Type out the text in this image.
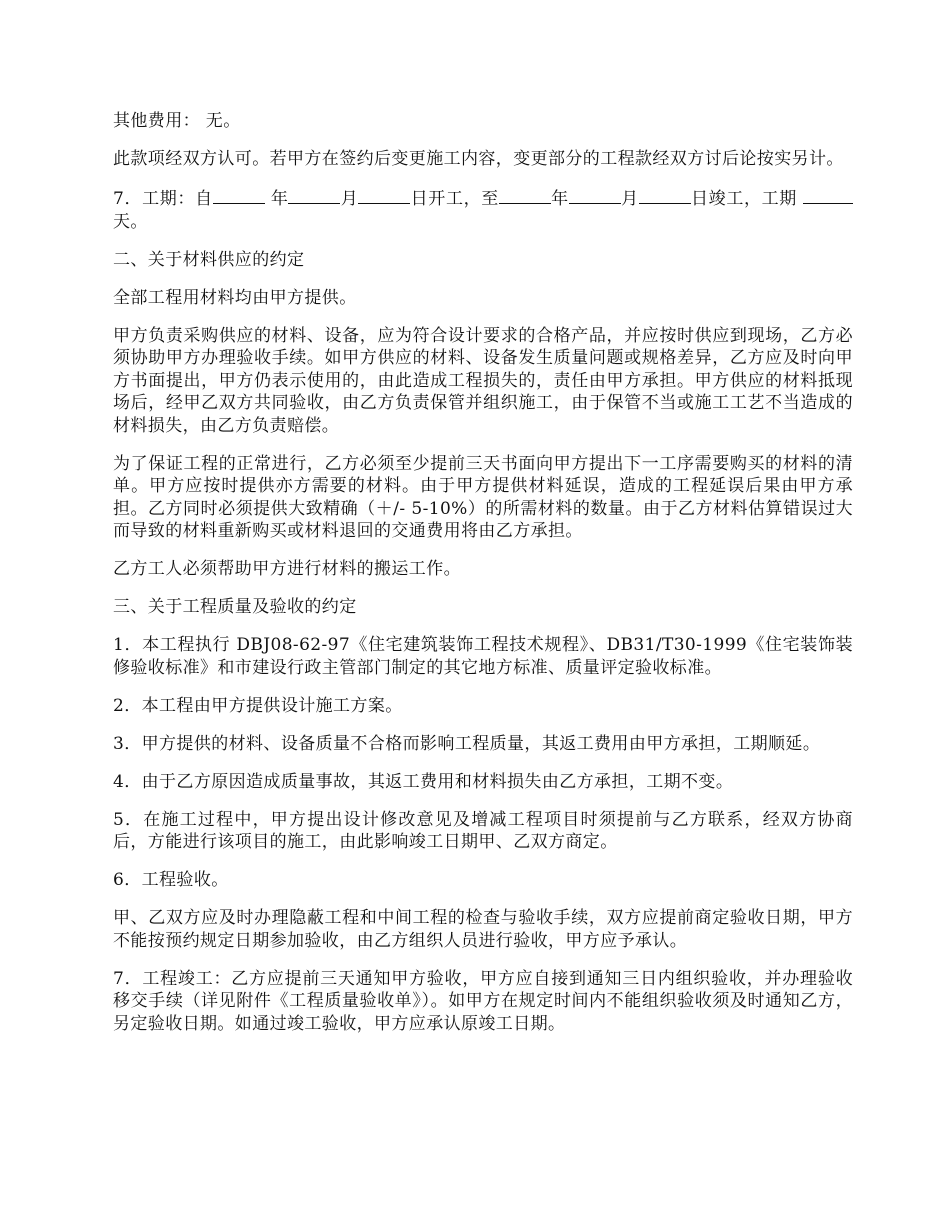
其他费用： 无。

此款项经双方认可。若甲方在签约后变更施工内容，变更部分的工程款经双方讨后论按实另计。

7．工期：自	年	月	日开工，至	年	月	日竣工，工期 天。

二、关于材料供应的约定

全部工程用材料均由甲方提供。

甲方负责采购供应的材料、设备，应为符合设计要求的合格产品，并应按时供应到现场，乙方必须协助甲方办理验收手续。如甲方供应的材料、设备发生质量问题或规格差异，乙方应及时向甲方书面提出，甲方仍表示使用的，由此造成工程损失的，责任由甲方承担。甲方供应的材料抵现场后，经甲乙双方共同验收，由乙方负责保管并组织施工，由于保管不当或施工工艺不当造成的材料损失，由乙方负责赔偿。

为了保证工程的正常进行，乙方必须至少提前三天书面向甲方提出下一工序需要购买的材料的清单。甲方应按时提供亦方需要的材料。由于甲方提供材料延误，造成的工程延误后果由甲方承担。乙方同时必须提供大致精确（＋/- 5-10%）的所需材料的数量。由于乙方材料估算错误过大而导致的材料重新购买或材料退回的交通费用将由乙方承担。

乙方工人必须帮助甲方进行材料的搬运工作。

三、关于工程质量及验收的约定

1．本工程执行 DBJ08-62-97《住宅建筑装饰工程技术规程》、DB31/T30-1999《住宅装饰装修验收标准》和市建设行政主管部门制定的其它地方标准、质量评定验收标准。

2．本工程由甲方提供设计施工方案。

3．甲方提供的材料、设备质量不合格而影响工程质量，其返工费用由甲方承担，工期顺延。

4．由于乙方原因造成质量事故，其返工费用和材料损失由乙方承担，工期不变。

5．在施工过程中，甲方提出设计修改意见及增减工程项目时须提前与乙方联系，经双方协商后，方能进行该项目的施工，由此影响竣工日期甲、乙双方商定。

6．工程验收。

甲、乙双方应及时办理隐蔽工程和中间工程的检查与验收手续，双方应提前商定验收日期，甲方不能按预约规定日期参加验收，由乙方组织人员进行验收，甲方应予承认。

7．工程竣工：乙方应提前三天通知甲方验收，甲方应自接到通知三日内组织验收，并办理验收移交手续（详见附件《工程质量验收单》）。如甲方在规定时间内不能组织验收须及时通知乙方，另定验收日期。如通过竣工验收，甲方应承认原竣工日期。
